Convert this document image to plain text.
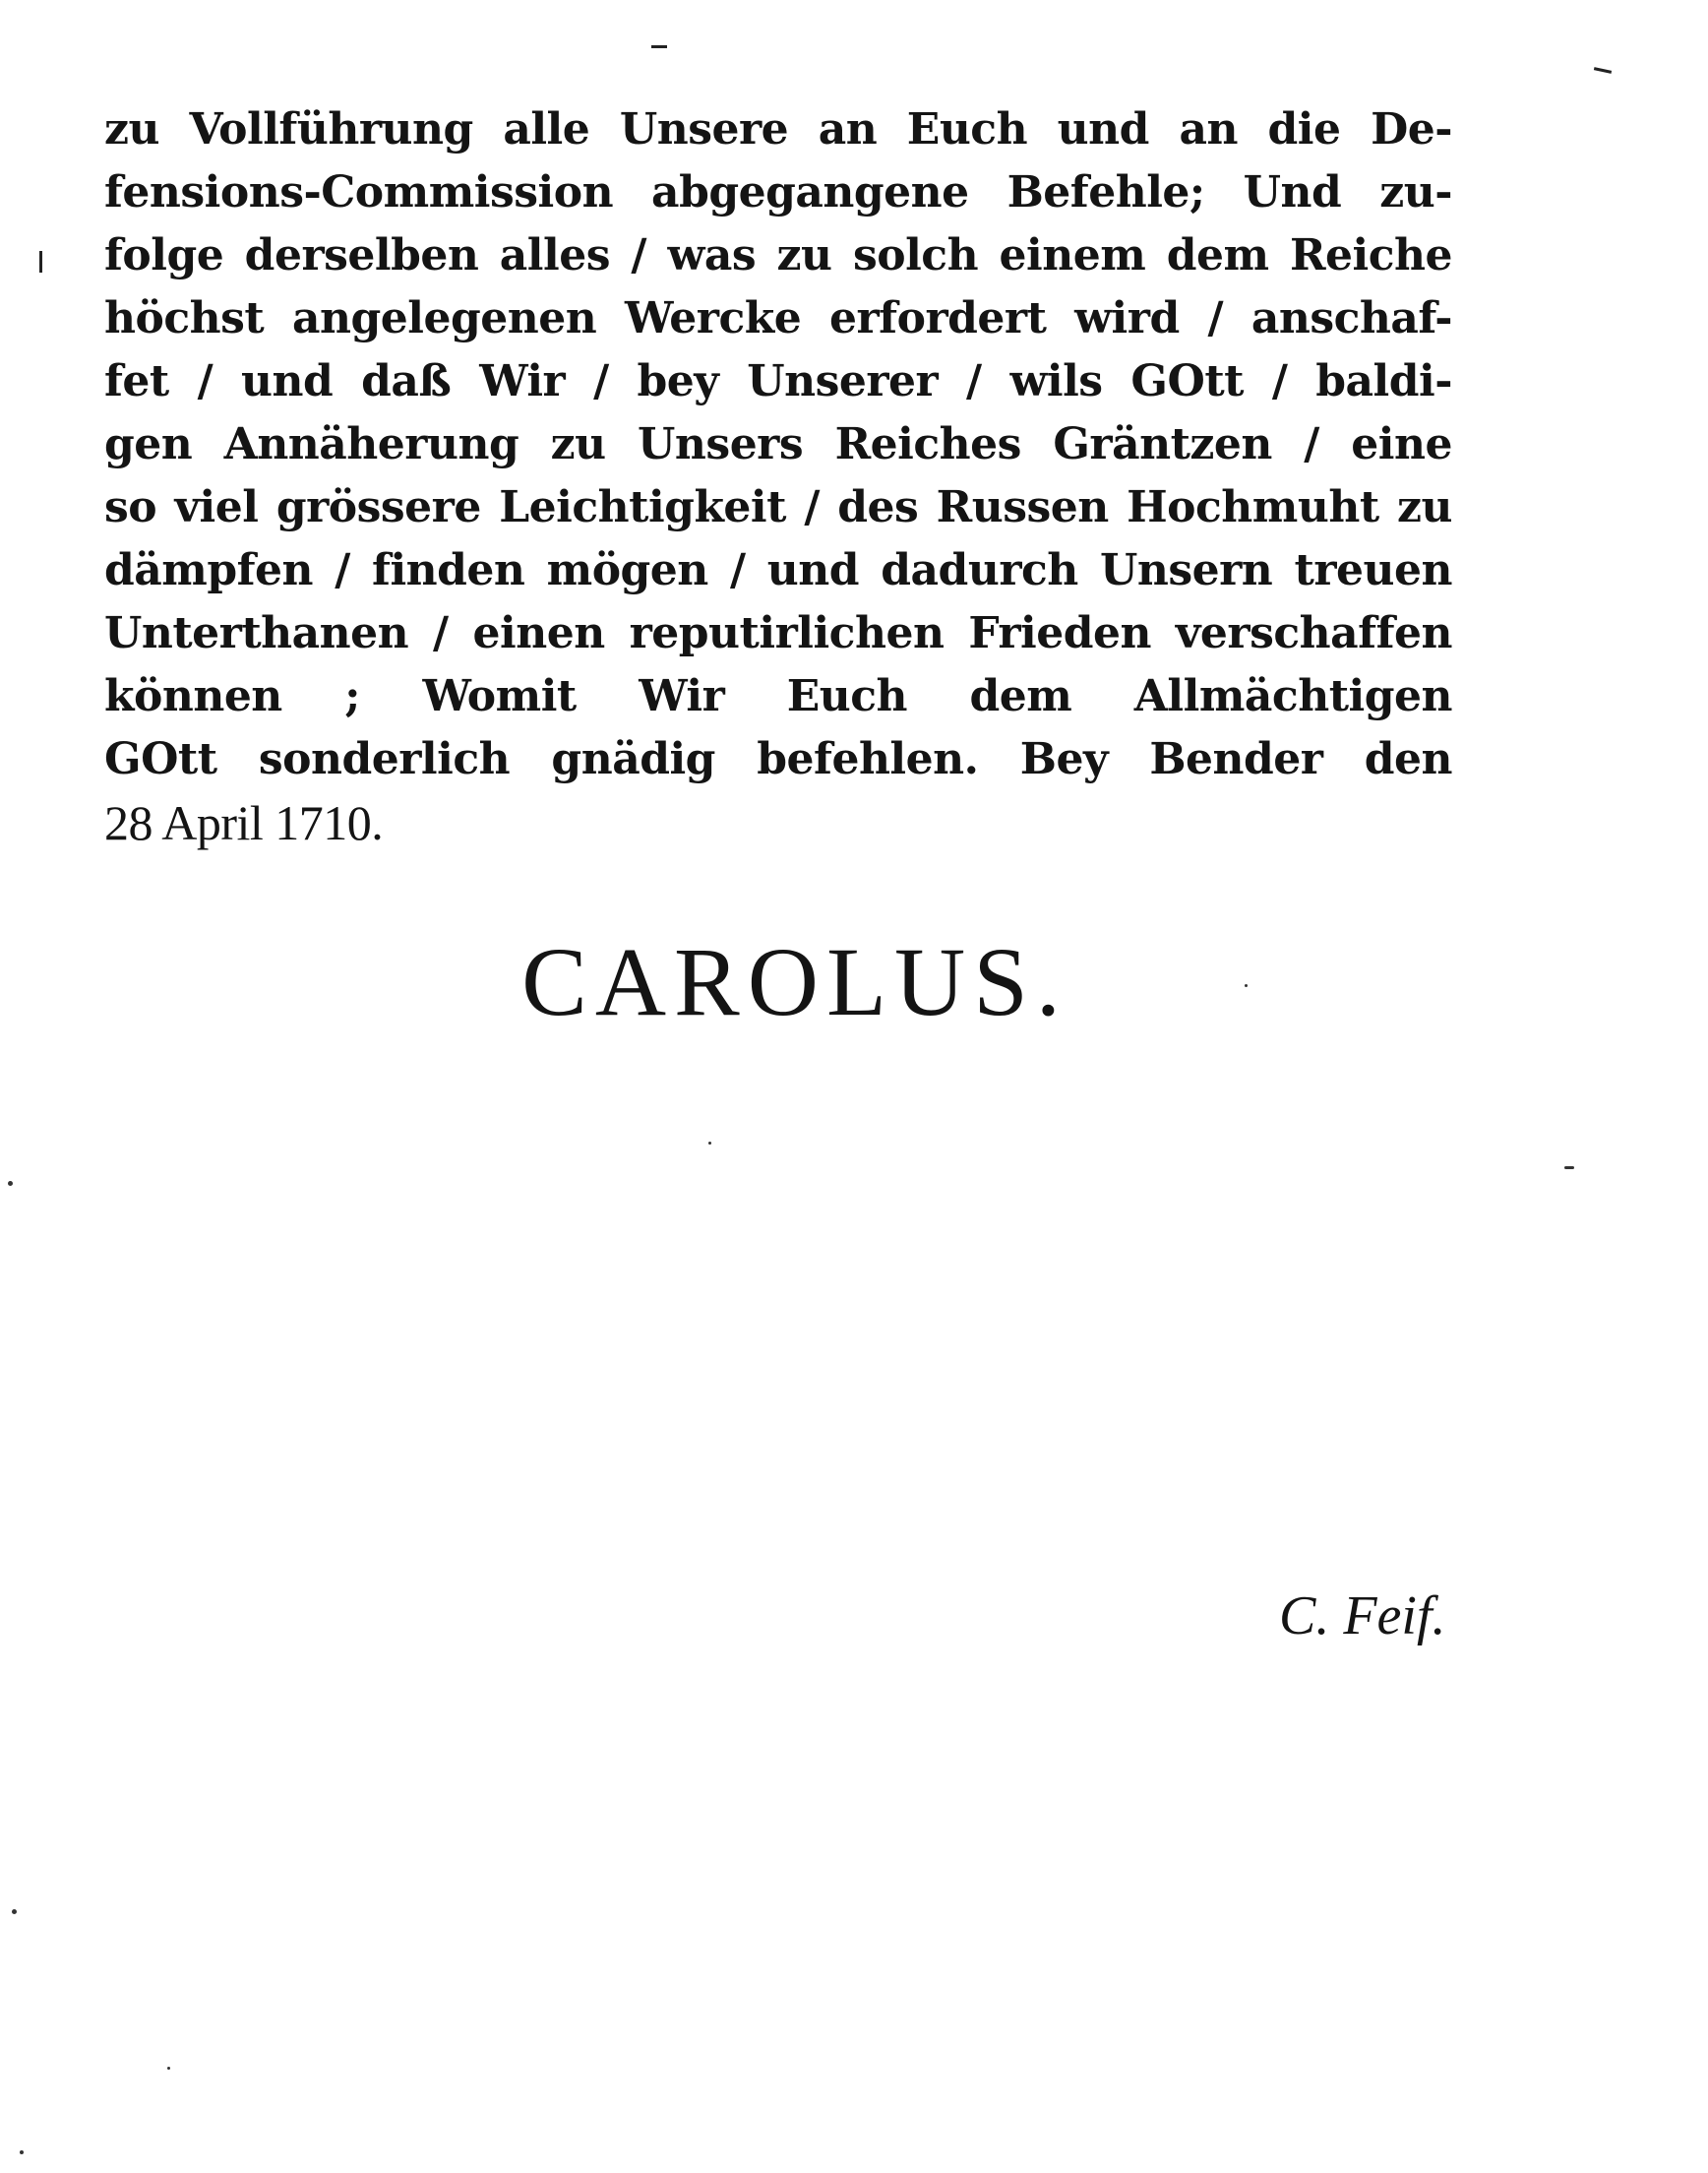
zu Vollführung alle Unsere an Euch und an die De-
fensions-Commission abgegangene Befehle; Und zu-
folge derselben alles / was zu solch einem dem Reiche
höchst angelegenen Wercke erfordert wird / anschaf-
fet / und daß Wir / bey Unserer / wils GOtt / baldi-
gen Annäherung zu Unsers Reiches Gräntzen / eine
so viel grössere Leichtigkeit / des Russen Hochmuht zu
dämpfen / finden mögen / und dadurch Unsern treuen
Unterthanen / einen reputirlichen Frieden verschaffen
können ; Womit Wir Euch dem Allmächtigen
GOtt sonderlich gnädig befehlen. Bey Bender den
28 April 1710.
CAROLUS.
C. Feif.
